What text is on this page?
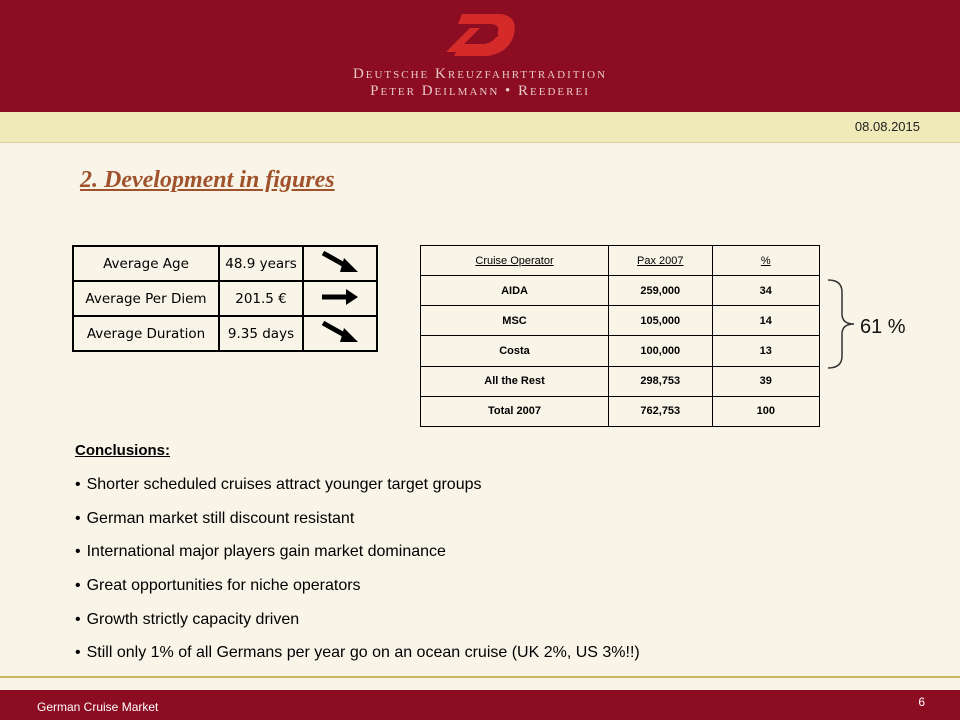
Deutsche Kreuzfahrttradition
Peter Deilmann • Reederei
08.08.2015
2. Development in figures
Average Age	48.9 years	
Average Per Diem	201.5 €	
Average Duration	9.35 days	
Cruise Operator	Pax 2007	%
AIDA	259,000	34
MSC	105,000	14
Costa	100,000	13
All the Rest	298,753	39
Total 2007	762,753	100
61 %
Conclusions:
• Shorter scheduled cruises attract younger target groups
• German market still discount resistant
• International major players gain market dominance
• Great opportunities for niche operators
• Growth strictly capacity driven
• Still only 1% of all Germans per year go on an ocean cruise (UK 2%, US 3%!!)
German Cruise Market	6
